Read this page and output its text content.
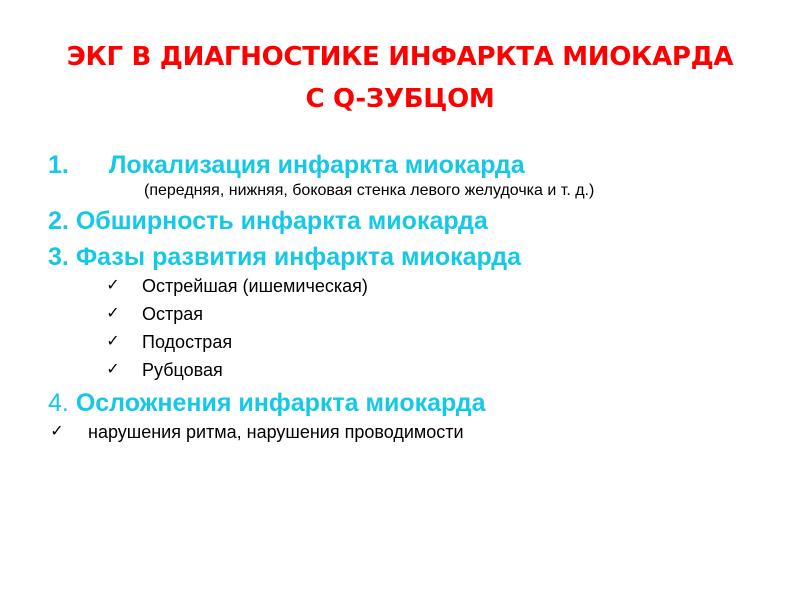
ЭКГ В ДИАГНОСТИКЕ ИНФАРКТА МИОКАРДА
С Q-ЗУБЦОМ
1. Локализация инфаркта миокарда
(передняя, нижняя, боковая стенка левого желудочка и т. д.)
2. Обширность инфаркта миокарда
3. Фазы развития инфаркта миокарда
✓ Острейшая (ишемическая)
✓ Острая
✓ Подострая
✓ Рубцовая
4. Осложнения инфаркта миокарда
✓ нарушения ритма, нарушения проводимости
